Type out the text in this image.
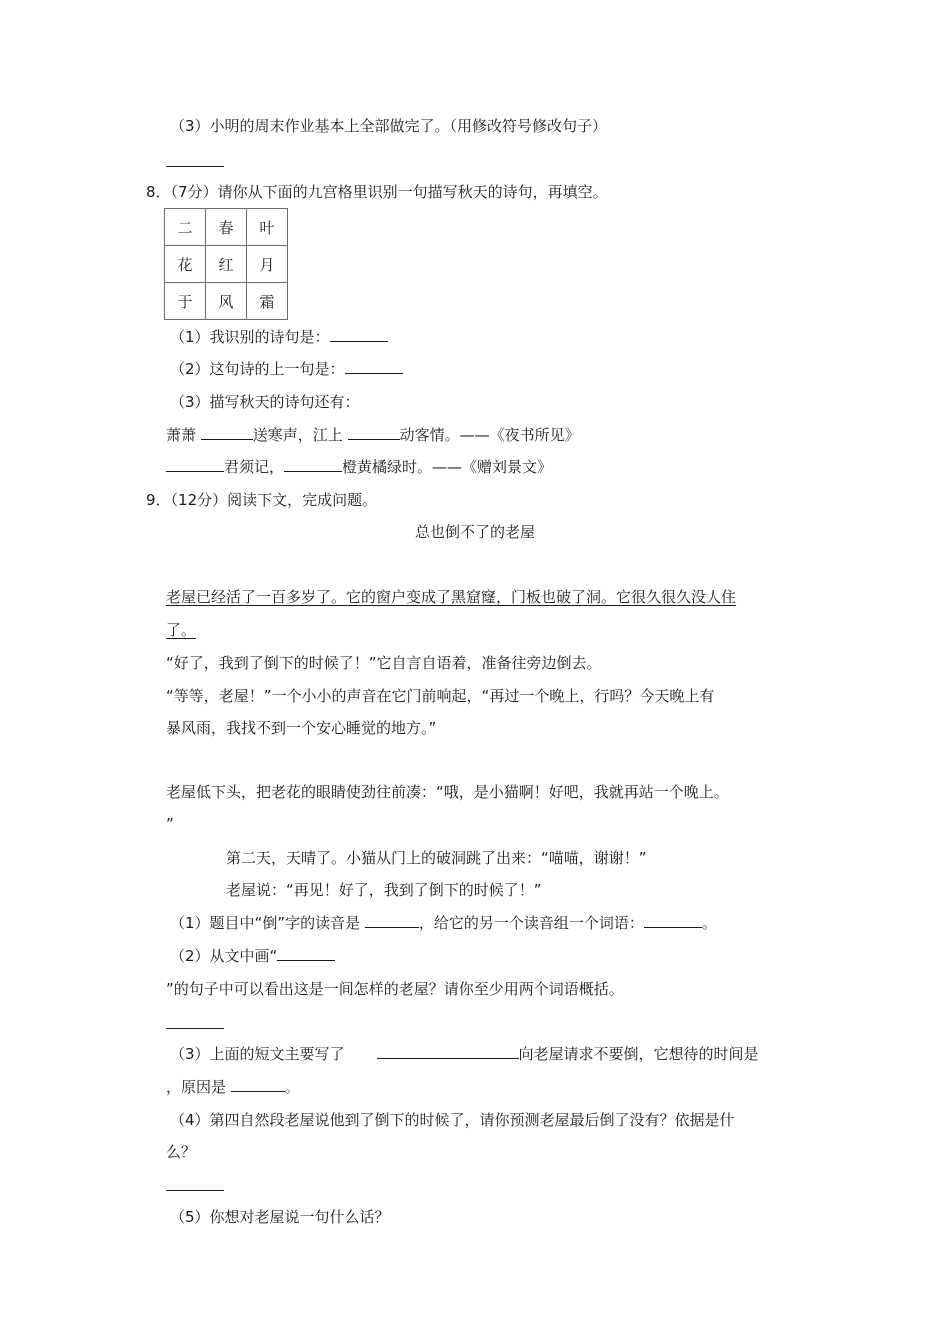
（3）小明的周末作业基本上全部做完了。（用修改符号修改句子）
8．（7分）请你从下面的九宫格里识别一句描写秋天的诗句，再填空。
二	春	叶
花	红	月
于	风	霜
（1）我识别的诗句是：
（2）这句诗的上一句是：
（3）描写秋天的诗句还有：
萧萧	送寒声，江上	动客情。——《夜书所见》
君须记，	橙黄橘绿时。——《赠刘景文》
9．（12分）阅读下文，完成问题。
总也倒不了的老屋
老屋已经活了一百多岁了。它的窗户变成了黑窟窿，门板也破了洞。它很久很久没人住
了。
“好了，我到了倒下的时候了！”它自言自语着，准备往旁边倒去。
“等等，老屋！”一个小小的声音在它门前响起，“再过一个晚上，行吗？今天晚上有
暴风雨，我找不到一个安心睡觉的地方。”
老屋低下头，把老花的眼睛使劲往前凑：“哦，是小猫啊！好吧，我就再站一个晚上。
”
第二天，天晴了。小猫从门上的破洞跳了出来：“喵喵，谢谢！”
老屋说：“再见！好了，我到了倒下的时候了！”
（1）题目中“倒”字的读音是	，给它的另一个读音组一个词语：	。
（2）从文中画“
”的句子中可以看出这是一间怎样的老屋？请你至少用两个词语概括。
（3）上面的短文主要写了	向老屋请求不要倒，它想待的时间是
，原因是	。
（4）第四自然段老屋说他到了倒下的时候了，请你预测老屋最后倒了没有？依据是什
么？
（5）你想对老屋说一句什么话？
